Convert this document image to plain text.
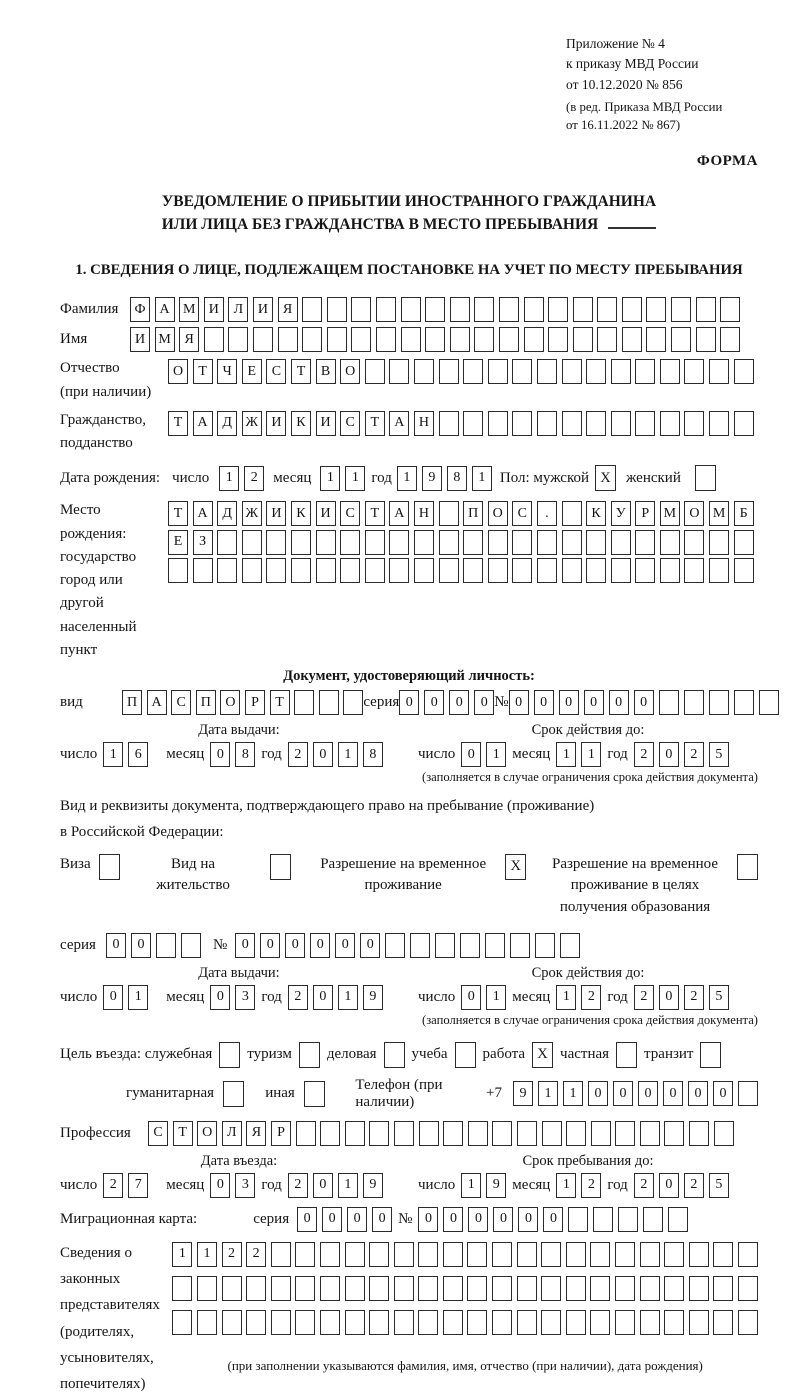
Приложение № 4
к приказу МВД России
от 10.12.2020 № 856
(в ред. Приказа МВД России
от 16.11.2022 № 867)
ФОРМА
УВЕДОМЛЕНИЕ О ПРИБЫТИИ ИНОСТРАННОГО ГРАЖДАНИНА
ИЛИ ЛИЦА БЕЗ ГРАЖДАНСТВА В МЕСТО ПРЕБЫВАНИЯ
1. СВЕДЕНИЯ О ЛИЦЕ, ПОДЛЕЖАЩЕМ ПОСТАНОВКЕ НА УЧЕТ ПО МЕСТУ ПРЕБЫВАНИЯ
Фамилия	Ф	А М И	Л	И	Я
Имя	И М Я
Отчество
(при наличии)
О	Т	Ч	Е	С	Т	В	О
Гражданство,
подданство
Т	А	Д Ж И	К	И	С	Т	А	Н
Дата рождения: число	1	2	месяц	1	1 год 1	9	8	1 Пол: мужской X	женский
Место рождения:
государство
город или другой
населенный пункт
Т	А	Д Ж И	К	И	С	Т	А	Н	П	О	С	.	К	У	Р	М О М	Б
Е	З
Документ, удостоверяющий личность:
вид	П	А	С	П	О	Р	Т	серия 0	0	0	0 № 0	0	0	0	0	0
Дата выдачи:	Срок действия до:
число 1	6	месяц 0	8 год 2	0	1	8	число 0	1 месяц 1	1 год 2	0	2	5
(заполняется в случае ограничения срока действия документа)
Вид и реквизиты документа, подтверждающего право на пребывание (проживание)
в Российской Федерации:
Виза	Вид на жительство
Разрешение на временное проживание
X	Разрешение на временное проживание в целях получения образования
серия	0	0	№	0	0	0	0	0	0
Дата выдачи:	Срок действия до:
число 0	1	месяц 0	3 год 2	0	1	9	число 0	1 месяц 1	2 год 2	0	2	5
(заполняется в случае ограничения срока действия документа)
Цель въезда: служебная туризм деловая учеба работа X частная транзит
гуманитарная	иная
Телефон (при наличии)
+7	9	1	1	0	0	0	0	0	0
Профессия	С	Т	О	Л	Я	Р
Дата въезда:	Срок пребывания до:
число 2	7	месяц 0	3 год 2	0	1	9	число 1	9 месяц 1	2 год 2	0	2	5
Миграционная карта:	серия	0	0	0	0 № 0	0	0	0	0	0
Сведения о
законных
представителях
(родителях,
усыновителях,
попечителях)
1	1	2	2
(при заполнении указываются фамилия, имя, отчество (при наличии), дата рождения)
